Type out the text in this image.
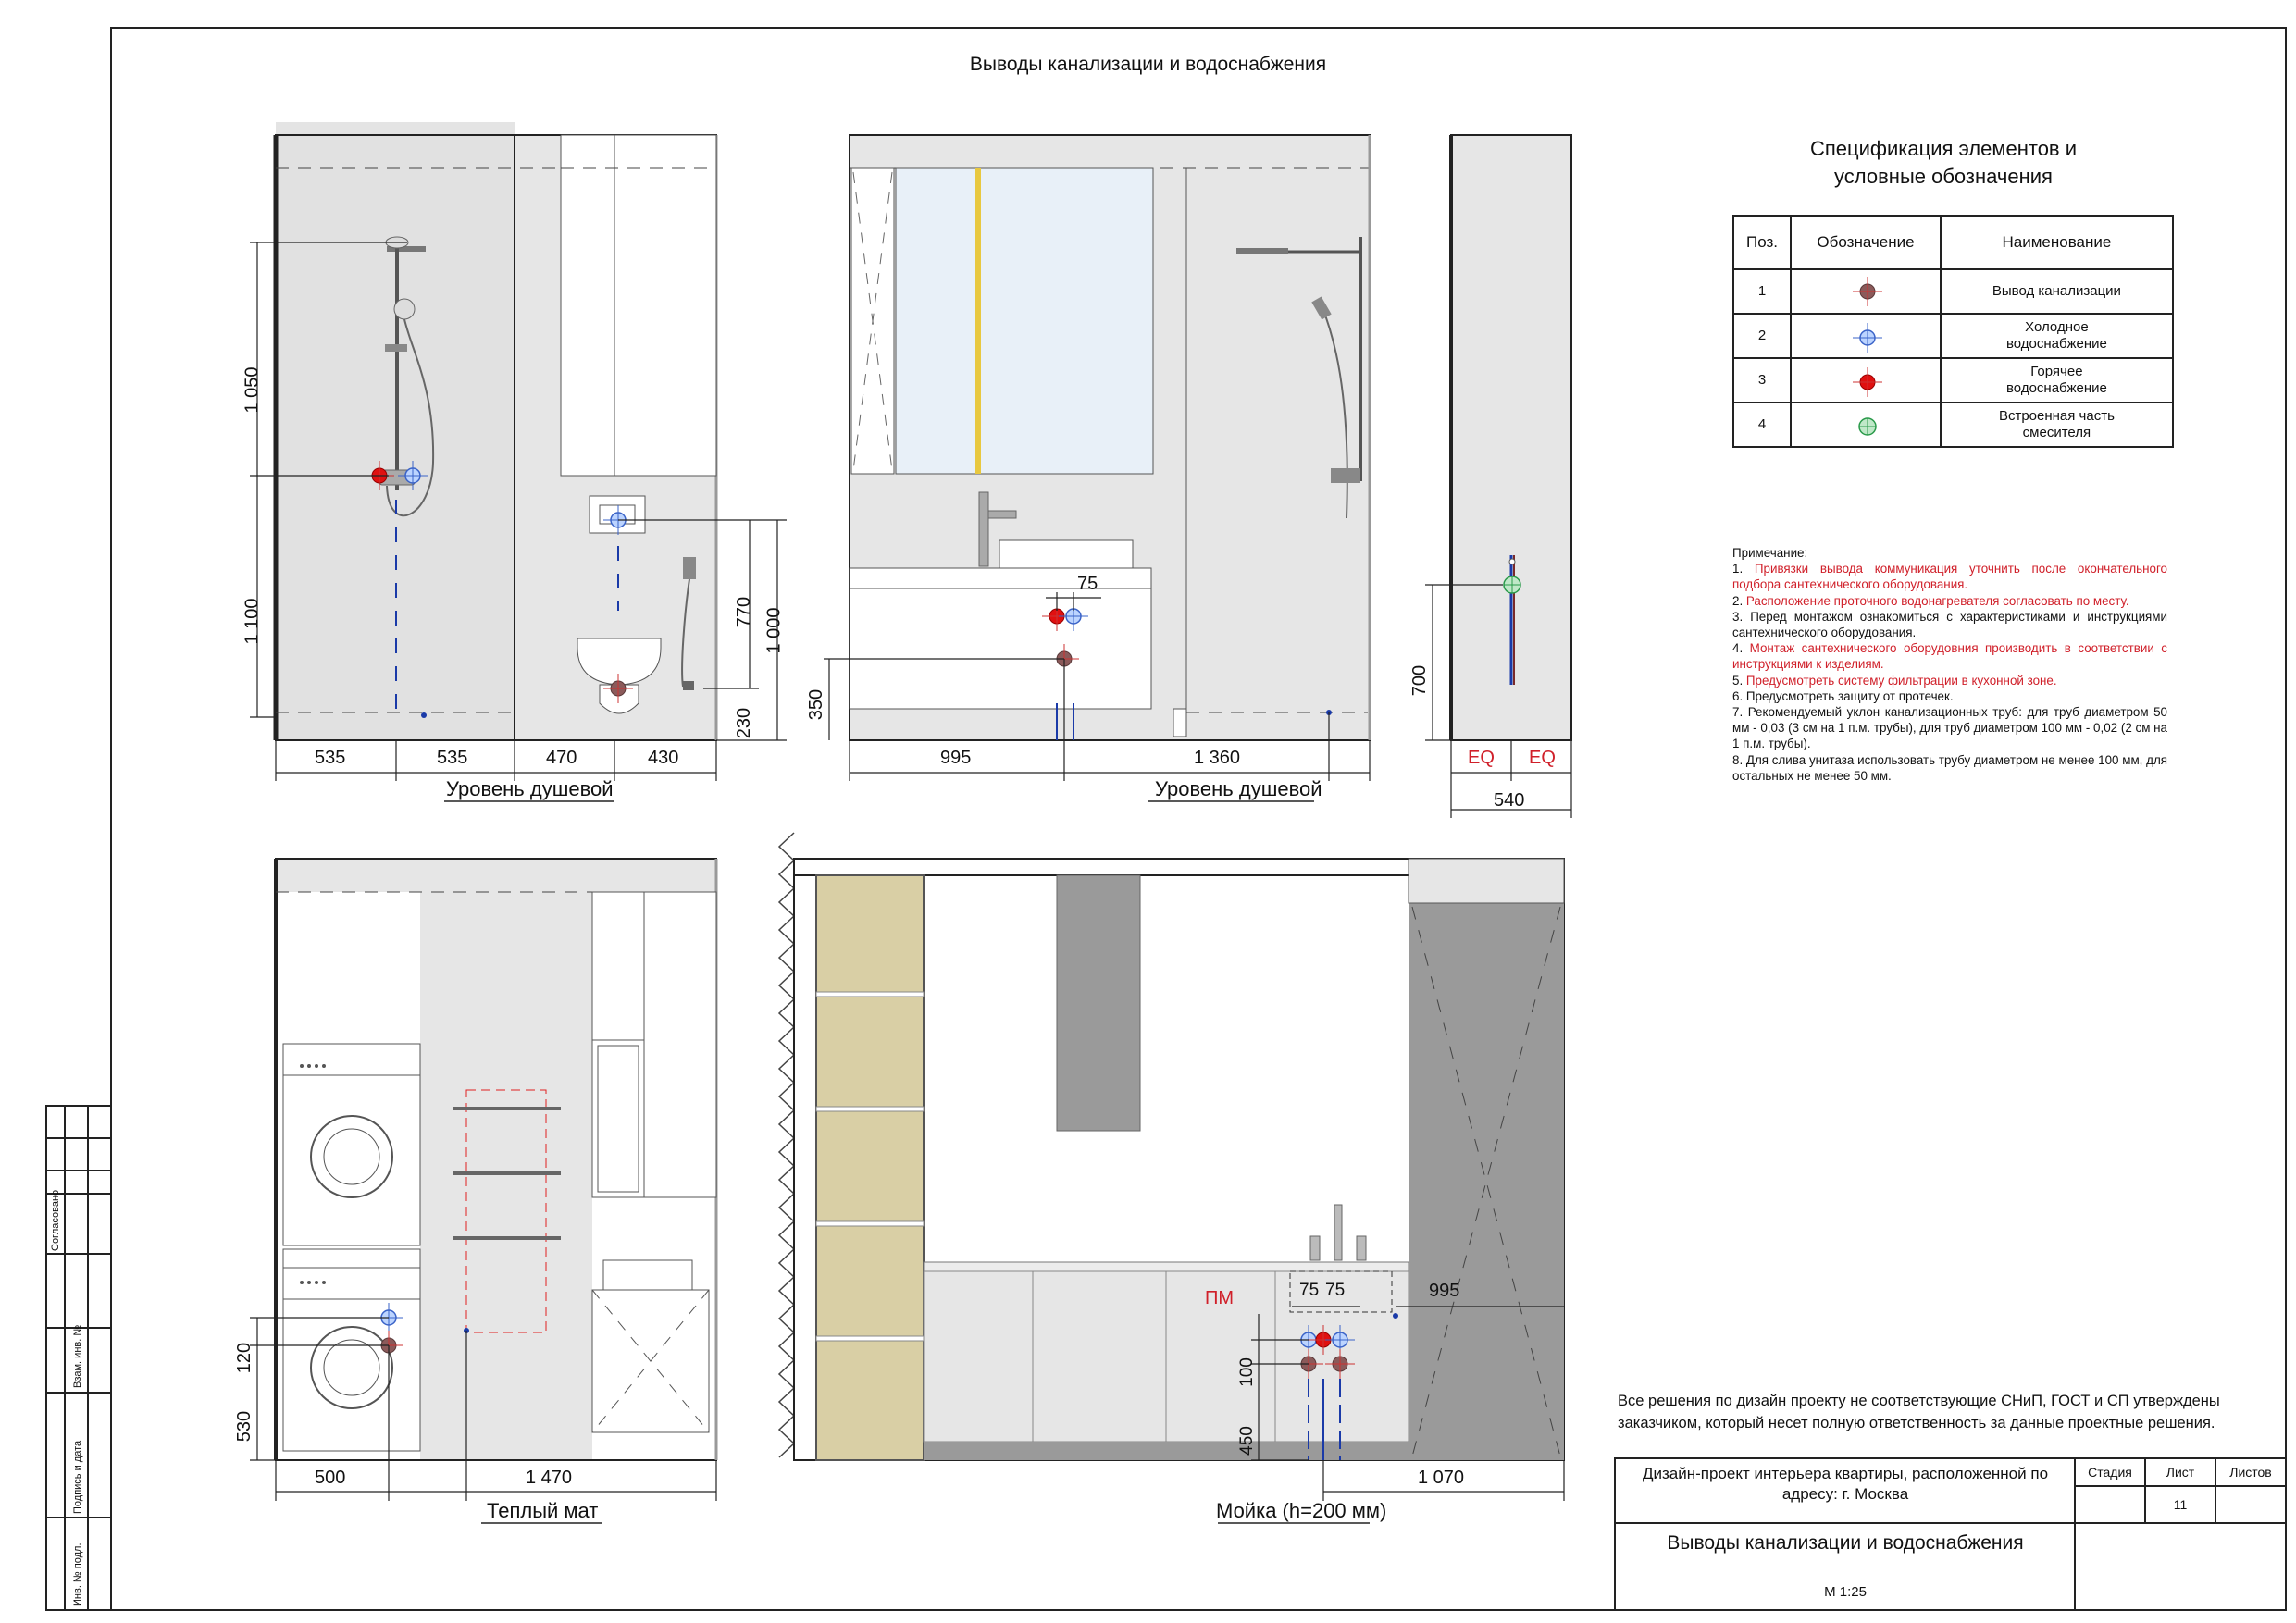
Выводы канализации и водоснабжения
Спецификация элементов и
условные обозначения
Поз.	Обозначение	Наименование
1		Вывод канализации
2		Холодное водоснабжение
3		Горячее водоснабжение
4		Встроенная часть смесителя
Примечание:
1. Привязки вывода коммуникация уточнить после окончательного подбора сантехнического оборудования.
2. Расположение проточного водонагревателя согласовать по месту.
3. Перед монтажом ознакомиться с характеристиками и инструкциями сантехнического оборудования.
4. Монтаж сантехнического оборудовния производить в соответствии с инструкциями к изделиям.
5. Предусмотреть систему фильтрации в кухонной зоне.
6. Предусмотреть защиту от протечек.
7. Рекомендуемый уклон канализационных труб: для труб диаметром 50 мм - 0,03 (3 см на 1 п.м. трубы), для труб диаметром 100 мм - 0,02 (2 см на 1 п.м. трубы).
8. Для слива унитаза использовать трубу диаметром не менее 100 мм, для остальных не менее 50 мм.
Все решения по дизайн проекту не соответствующие СНиП, ГОСТ и СП утверждены заказчиком, который несет полную ответственность за данные проектные решения.
Дизайн-проект интерьера квартиры, расположенной по адресу: г. Москва
Выводы канализации и водоснабжения
М 1:25
Стадия	Лист	Листов
11
Согласовано
Взам. инв. №
Подпись и дата
Инв. № подл.
535	535	470	430
1 050
1 100	770 1 000
230
Уровень душевой
995	1 360
350
75
Уровень душевой
700
EQ EQ
540
500	1 470
120
530
Теплый мат
75 75	995
100
450
1 070
ПМ
Мойка (h=200 мм)
